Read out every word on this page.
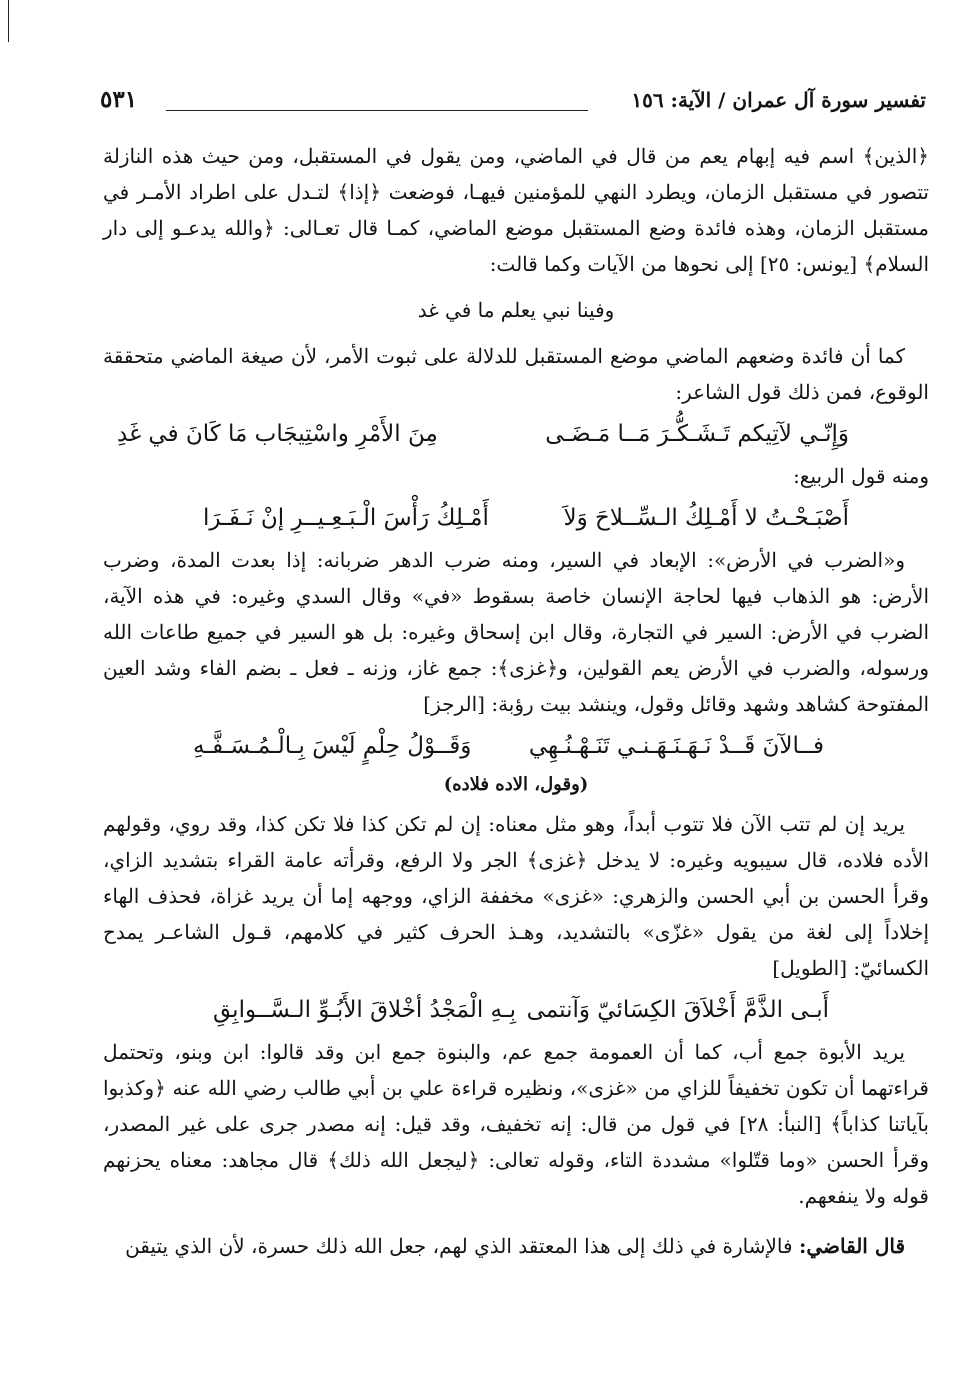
تفسير سورة آل عمران / الآية: ١٥٦
٥٣١

﴿الذين﴾ اسم فيه إبهام يعم من قال في الماضي، ومن يقول في المستقبل، ومن حيث هذه النازلة تتصور في مستقبل الزمان، ويطرد النهي للمؤمنين فيهـا، فوضعت ﴿إذا﴾ لتـدل على اطراد الأمـر في مستقبل الزمان، وهذه فائدة وضع المستقبل موضع الماضي، كمـا قال تعـالى: ﴿والله يدعـو إلى دار السلام﴾ [يونس: ٢٥] إلى نحوها من الآيات وكما قالت:

وفينا نبي يعلم ما في غد

كما أن فائدة وضعهم الماضي موضع المستقبل للدلالة على ثبوت الأمر، لأن صيغة الماضي متحققة الوقوع، فمن ذلك قول الشاعر:

وَإِنّـي لآتِيكم تَـشَـكُّـرَ مَــا مَـضَـى
مِنَ الأَمْرِ واسْتِيجَاب مَا كَانَ في غَدِ

ومنه قول الربيع:

أَصْبَـحْـتُ لا أَمْـلِكُ الـسِّــلاحَ وَلاَ
أَمْـلِكُ رَأْسَ الْـبَـعِـيــرِ إنْ نَـفَـرَا

و«الضرب في الأرض»: الإبعاد في السير، ومنه ضرب الدهر ضربانه: إذا بعدت المدة، وضرب الأرض: هو الذهاب فيها لحاجة الإنسان خاصة بسقوط «في» وقال السدي وغيره: في هذه الآية، الضرب في الأرض: السير في التجارة، وقال ابن إسحاق وغيره: بل هو السير في جميع طاعات الله ورسوله، والضرب في الأرض يعم القولين، و﴿غزى﴾: جمع غاز، وزنه ـ فعل ـ بضم الفاء وشد العين المفتوحة كشاهد وشهد وقائل وقول، وينشد بيت رؤبة: [الرجز]

فــالآنَ قَــدْ نَـهَـنَـهَـنـي تَنَـهْـنُـهِي
وَقَــوْلُ حِلْمٍ لَيْسَ بِـالْـمُـسَـفَّـهِ
(وقول، الاده فلاده)

يريد إن لم تتب الآن فلا تتوب أبداً، وهو مثل معناه: إن لم تكن كذا فلا تكن كذا، وقد روي، وقولهم الأده فلاده، قال سيبويه وغيره: لا يدخل ﴿غزى﴾ الجر ولا الرفع، وقرأته عامة القراء بتشديد الزاي، وقرأ الحسن بن أبي الحسن والزهري: «غزى» مخففة الزاي، ووجهه إما أن يريد غزاة، فحذف الهاء إخلاداً إلى لغة من يقول «غزّى» بالتشديد، وهـذ الحرف كثير في كلامهم، قـول الشاعـر يمدح الكسائيّ: [الطويل]

أَبـى الذَّمَّ أَخْلاَقَ الكِسَائيّ وَآنتمى
بِـهِ الْمَجْدُ أخْلاقَ الأَبُـوِّ الـسَّــوابِقِ

يريد الأبوة جمع أب، كما أن العمومة جمع عم، والبنوة جمع ابن وقد قالوا: ابن وبنو، وتحتمل قراءتهما أن تكون تخفيفاً للزاي من «غزى»، ونظيره قراءة علي بن أبي طالب رضي الله عنه ﴿وكذبوا بآياتنا كذاباً﴾ [النبأ: ٢٨] في قول من قال: إنه تخفيف، وقد قيل: إنه مصدر جرى على غير المصدر، وقرأ الحسن «وما قتّلوا» مشددة التاء، وقوله تعالى: ﴿ليجعل الله ذلك﴾ قال مجاهد: معناه يحزنهم قوله ولا ينفعهم.

قال القاضي: فالإشارة في ذلك إلى هذا المعتقد الذي لهم، جعل الله ذلك حسرة، لأن الذي يتيقن
